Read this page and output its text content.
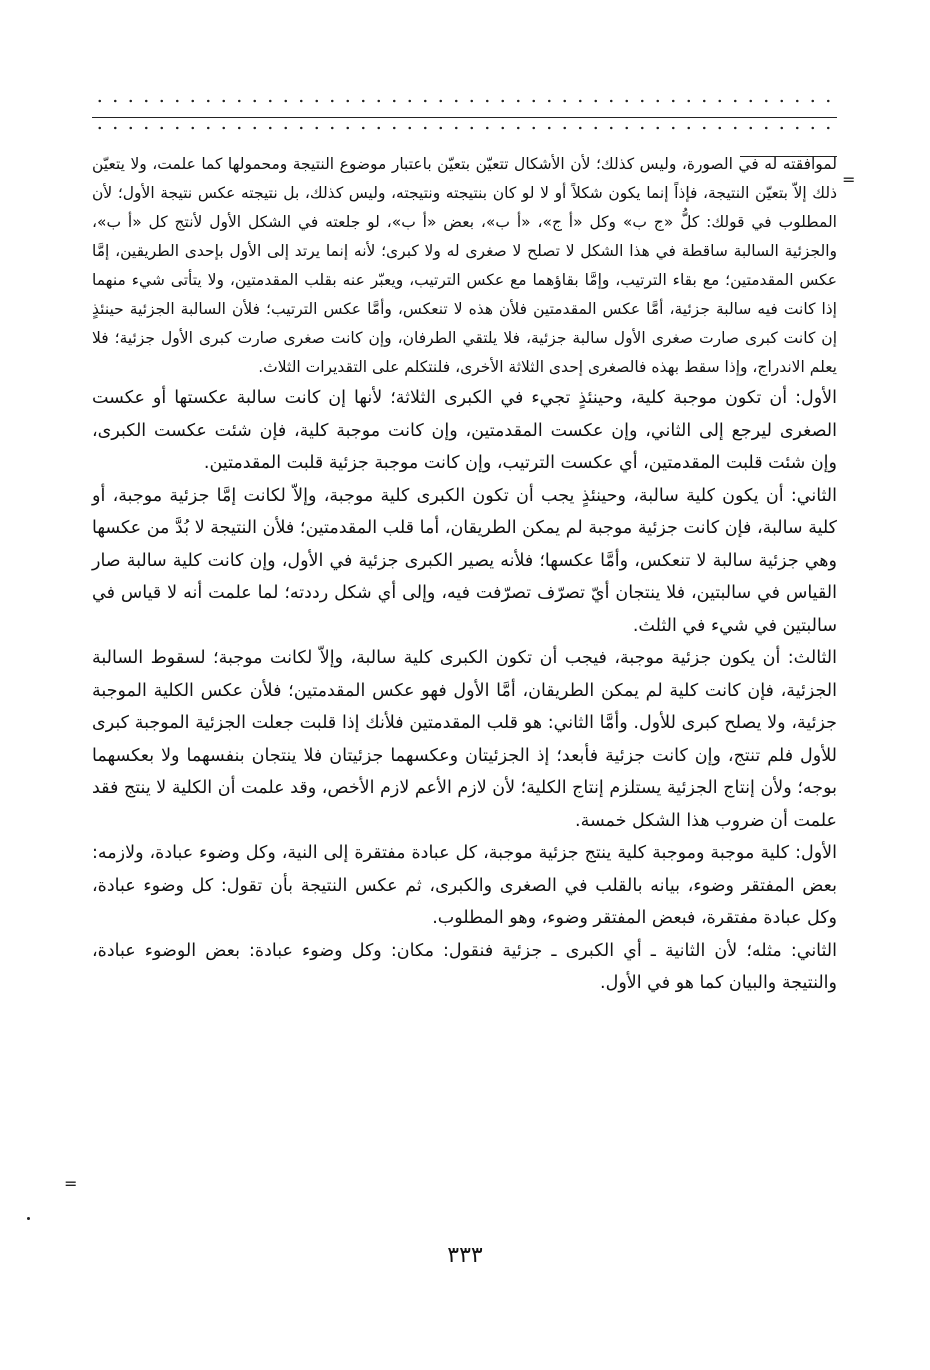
=
=

لموافقته له في الصورة، وليس كذلك؛ لأن الأشكال تتعيّن بتعيّن باعتبار موضوع النتيجة ومحمولها كما علمت، ولا يتعيّن ذلك إلاّ بتعيّن النتيجة، فإذاً إنما يكون شكلاً أو لا لو كان بنتيجته ونتيجته، وليس كذلك، بل نتيجته عكس نتيجة الأول؛ لأن المطلوب في قولك: كلُّ «ج ب» وكل «أ ج»، «أ ب»، بعض «أ ب»، لو جلعته في الشكل الأول لأنتج كل «أ ب»، والجزئية السالبة ساقطة في هذا الشكل لا تصلح لا صغرى له ولا كبرى؛ لأنه إنما يرتد إلى الأول بإحدى الطريقين، إمَّا عكس المقدمتين؛ مع بقاء الترتيب، وإمَّا بقاؤهما مع عكس الترتيب، ويعبّر عنه بقلب المقدمتين، ولا يتأتى شيء منهما إذا كانت فيه سالبة جزئية، أمَّا عكس المقدمتين فلأن هذه لا تنعكس، وأمَّا عكس الترتيب؛ فلأن السالبة الجزئية حينئذٍ إن كانت كبرى صارت صغرى الأول سالبة جزئية، فلا يلتقي الطرفان، وإن كانت صغرى صارت كبرى الأول جزئية؛ فلا يعلم الاندراج، وإذا سقط بهذه فالصغرى إحدى الثلاثة الأخرى، فلنتكلم على التقديرات الثلاث.

الأول: أن تكون موجبة كلية، وحينئذٍ تجيء في الكبرى الثلاثة؛ لأنها إن كانت سالبة عكستها أو عكست الصغرى ليرجع إلى الثاني، وإن عكست المقدمتين، وإن كانت موجبة كلية، فإن شئت عكست الكبرى، وإن شئت قلبت المقدمتين، أي عكست الترتيب، وإن كانت موجبة جزئية قلبت المقدمتين.

الثاني: أن يكون كلية سالبة، وحينئذٍ يجب أن تكون الكبرى كلية موجبة، وإلاّ لكانت إمَّا جزئية موجبة، أو كلية سالبة، فإن كانت جزئية موجبة لم يمكن الطريقان، أما قلب المقدمتين؛ فلأن النتيجة لا بُدَّ من عكسها وهي جزئية سالبة لا تنعكس، وأمَّا عكسها؛ فلأنه يصير الكبرى جزئية في الأول، وإن كانت كلية سالبة صار القياس في سالبتين، فلا ينتجان أيّ تصرّف تصرّفت فيه، وإلى أي شكل رددته؛ لما علمت أنه لا قياس في سالبتين في شيء في الثلث.

الثالث: أن يكون جزئية موجبة، فيجب أن تكون الكبرى كلية سالبة، وإلاّ لكانت موجبة؛ لسقوط السالبة الجزئية، فإن كانت كلية لم يمكن الطريقان، أمَّا الأول فهو عكس المقدمتين؛ فلأن عكس الكلية الموجبة جزئية، ولا يصلح كبرى للأول. وأمَّا الثاني: هو قلب المقدمتين فلأنك إذا قلبت جعلت الجزئية الموجبة كبرى للأول فلم تنتج، وإن كانت جزئية فأبعد؛ إذ الجزئيتان وعكسهما جزئيتان فلا ينتجان بنفسهما ولا بعكسهما بوجه؛ ولأن إنتاج الجزئية يستلزم إنتاج الكلية؛ لأن لازم الأعم لازم الأخص، وقد علمت أن الكلية لا ينتج فقد علمت أن ضروب هذا الشكل خمسة.

الأول: كلية موجبة وموجبة كلية ينتج جزئية موجبة، كل عبادة مفتقرة إلى النية، وكل وضوء عبادة، ولازمه: بعض المفتقر وضوء، بيانه بالقلب في الصغرى والكبرى، ثم عكس النتيجة بأن تقول: كل وضوء عبادة، وكل عبادة مفتقرة، فبعض المفتقر وضوء، وهو المطلوب.

الثاني: مثله؛ لأن الثانية ـ أي الكبرى ـ جزئية فنقول: مكان: وكل وضوء عبادة: بعض الوضوء عبادة، والنتيجة والبيان كما هو في الأول.

٣٣٣
